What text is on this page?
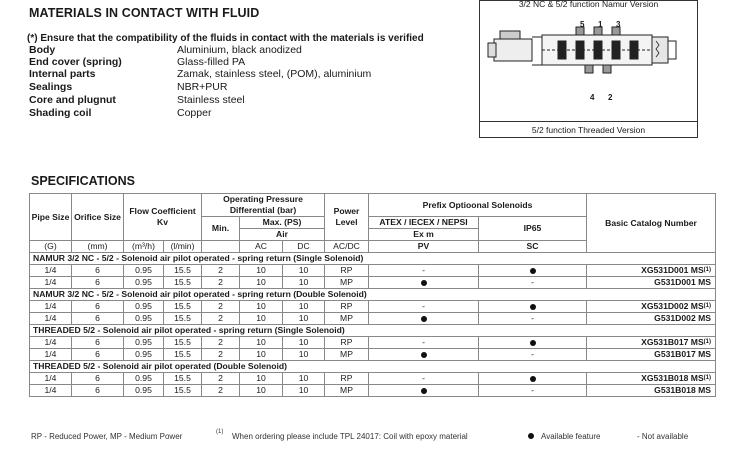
MATERIALS IN CONTACT WITH FLUID
(*) Ensure that the compatibility of the fluids in contact with the materials is verified
Body	Aluminium, black anodized
End cover (spring)	Glass-filled PA
Internal parts	Zamak, stainless steel, (POM), aluminium
Sealings	NBR+PUR
Core and plugnut	Stainless steel
Shading coil	Copper
3/2 NC & 5/2 function Namur Version
5 1 3
4 2
5/2 function Threaded Version
SPECIFICATIONS
Pipe Size	Orifice Size	Flow Coefficient Kv		Operating Pressure Differential (bar)			Power Level	Prefix Optioonal Solenoids		Basic Catalog Number
				Min.	Max. (PS)			ATEX / IECEX / NEPSI	IP65	
					Air			Ex m		
(G)	(mm)	(m³/h)	(l/min)		AC	DC	AC/DC	PV	SC	
NAMUR 3/2 NC - 5/2 - Solenoid air pilot operated - spring return (Single Solenoid)										
1/4	6	0.95	15.5	2	10	10	RP	-		XG531D001 MS$^{(1)}$
1/4	6	0.95	15.5	2	10	10	MP		-	G531D001 MS
NAMUR 3/2 NC - 5/2 - Solenoid air pilot operated - spring return (Double Solenoid)										
1/4	6	0.95	15.5	2	10	10	RP	-		XG531D002 MS$^{(1)}$
1/4	6	0.95	15.5	2	10	10	MP		-	G531D002 MS
THREADED 5/2 - Solenoid air pilot operated - spring return (Single Solenoid)										
1/4	6	0.95	15.5	2	10	10	RP	-		XG531B017 MS$^{(1)}$
1/4	6	0.95	15.5	2	10	10	MP		-	G531B017 MS
THREADED 5/2 - Solenoid air pilot operated (Double Solenoid)										
1/4	6	0.95	15.5	2	10	10	RP	-		XG531B018 MS$^{(1)}$
1/4	6	0.95	15.5	2	10	10	MP		-	G531B018 MS
RP - Reduced Power, MP - Medium Power	(1) When ordering please include TPL 24017: Coil with epoxy material	Available feature	- Not available
